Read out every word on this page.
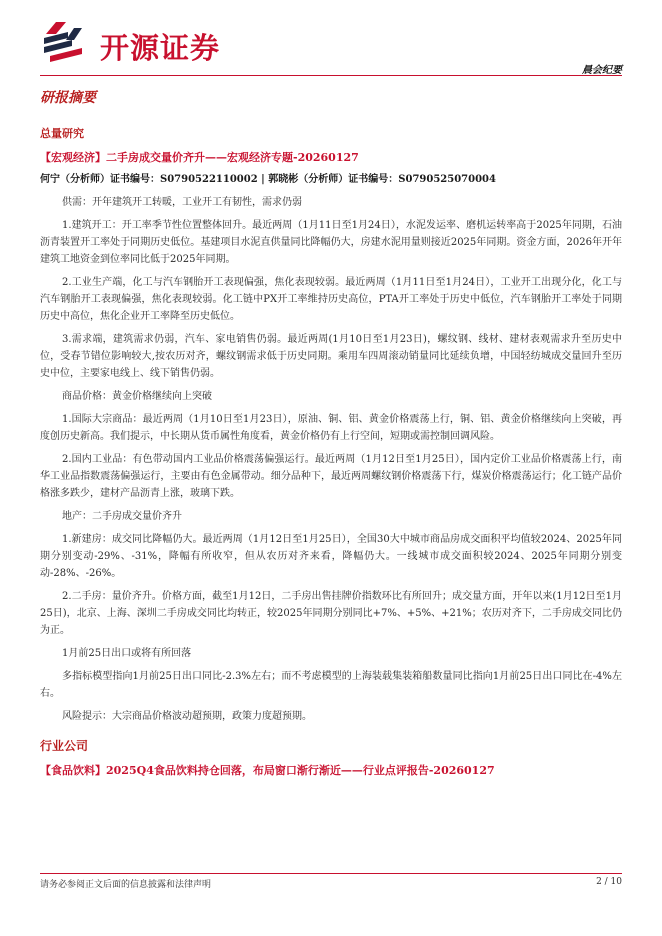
开源证券
晨会纪要
研报摘要
总量研究
【宏观经济】二手房成交量价齐升——宏观经济专题-20260127
何宁（分析师）证书编号：S0790522110002 | 郭晓彬（分析师）证书编号：S0790525070004
供需：开年建筑开工转暖，工业开工有韧性，需求仍弱
1.建筑开工：开工率季节性位置整体回升。最近两周（1月11日至1月24日），水泥发运率、磨机运转率高于2025年同期，石油沥青装置开工率处于同期历史低位。基建项目水泥直供量同比降幅仍大，房建水泥用量则接近2025年同期。资金方面，2026年开年建筑工地资金到位率同比低于2025年同期。
2.工业生产端，化工与汽车钢胎开工表现偏强，焦化表现较弱。最近两周（1月11日至1月24日），工业开工出现分化，化工与汽车钢胎开工表现偏强，焦化表现较弱。化工链中PX开工率维持历史高位，PTA开工率处于历史中低位，汽车钢胎开工率处于同期历史中高位，焦化企业开工率降至历史低位。
3.需求端，建筑需求仍弱，汽车、家电销售仍弱。最近两周(1月10日至1月23日)，螺纹钢、线材、建材表观需求升至历史中位，受春节错位影响较大,按农历对齐，螺纹钢需求低于历史同期。乘用车四周滚动销量同比延续负增，中国轻纺城成交量回升至历史中位，主要家电线上、线下销售仍弱。
商品价格：黄金价格继续向上突破
1.国际大宗商品：最近两周（1月10日至1月23日），原油、铜、铝、黄金价格震荡上行，铜、铝、黄金价格继续向上突破，再度创历史新高。我们提示，中长期从货币属性角度看，黄金价格仍有上行空间，短期或需控制回调风险。
2.国内工业品：有色带动国内工业品价格震荡偏强运行。最近两周（1月12日至1月25日），国内定价工业品价格震荡上行，南华工业品指数震荡偏强运行，主要由有色金属带动。细分品种下，最近两周螺纹钢价格震荡下行，煤炭价格震荡运行；化工链产品价格涨多跌少，建材产品沥青上涨，玻璃下跌。
地产：二手房成交量价齐升
1.新建房：成交同比降幅仍大。最近两周（1月12日至1月25日），全国30大中城市商品房成交面积平均值较2024、2025年同期分别变动-29%、-31%，降幅有所收窄，但从农历对齐来看，降幅仍大。一线城市成交面积较2024、2025年同期分别变动-28%、-26%。
2.二手房：量价齐升。价格方面，截至1月12日，二手房出售挂牌价指数环比有所回升；成交量方面，开年以来(1月12日至1月25日)，北京、上海、深圳二手房成交同比均转正，较2025年同期分别同比+7%、+5%、+21%；农历对齐下，二手房成交同比仍为正。
1月前25日出口或将有所回落
多指标模型指向1月前25日出口同比-2.3%左右；而不考虑模型的上海装载集装箱船数量同比指向1月前25日出口同比在-4%左右。
风险提示：大宗商品价格波动超预期，政策力度超预期。
行业公司
【食品饮料】2025Q4食品饮料持仓回落，布局窗口渐行渐近——行业点评报告-20260127
请务必参阅正文后面的信息披露和法律声明	2 / 10
